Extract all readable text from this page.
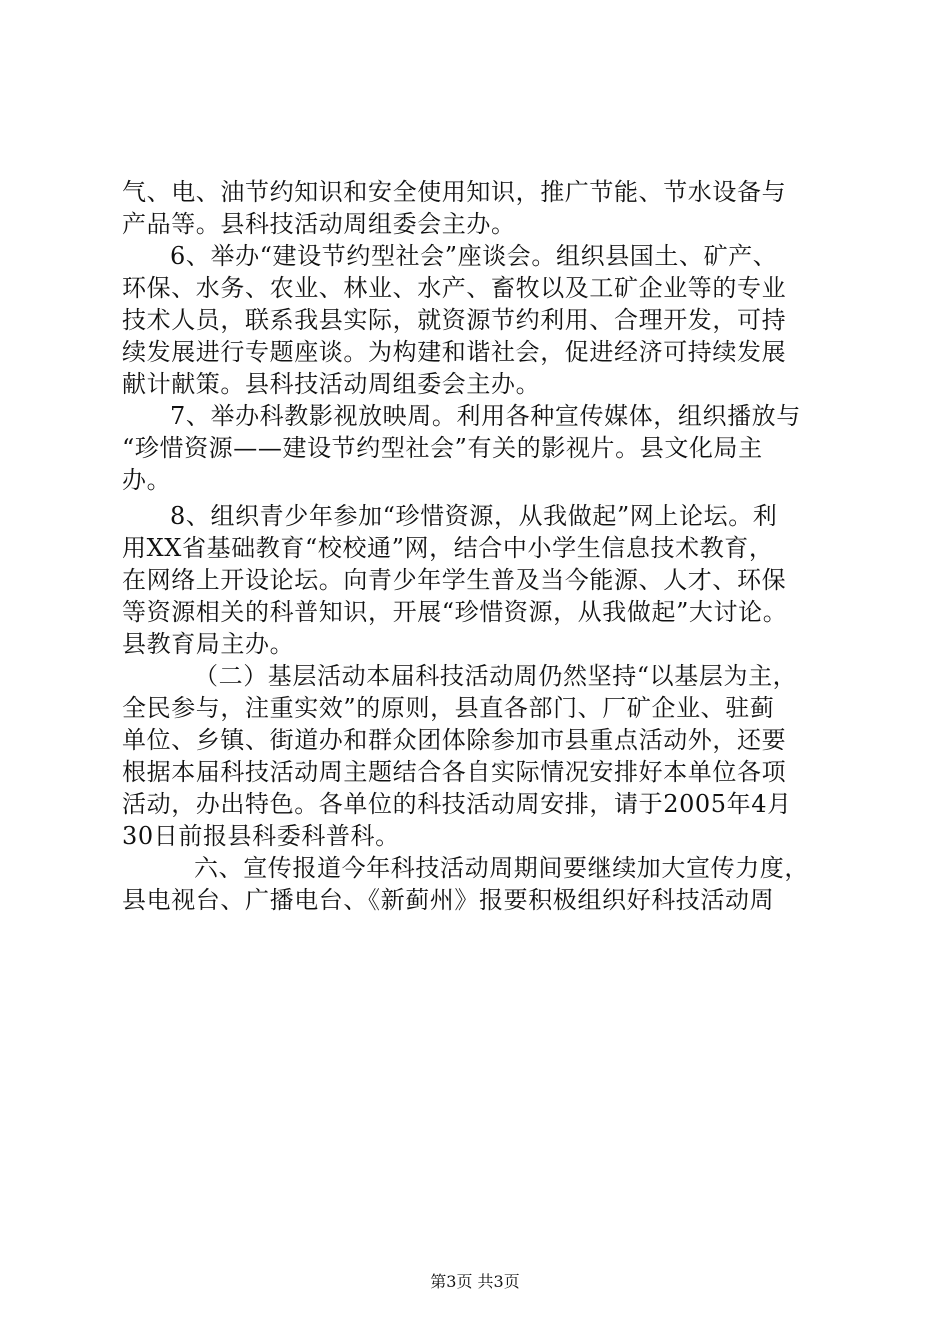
气、电、油节约知识和安全使用知识，推广节能、节水设备与
产品等。县科技活动周组委会主办。
6、举办“建设节约型社会”座谈会。组织县国土、矿产、
环保、水务、农业、林业、水产、畜牧以及工矿企业等的专业
技术人员，联系我县实际，就资源节约利用、合理开发，可持
续发展进行专题座谈。为构建和谐社会，促进经济可持续发展
献计献策。县科技活动周组委会主办。
7、举办科教影视放映周。利用各种宣传媒体，组织播放与
“珍惜资源——建设节约型社会”有关的影视片。县文化局主
办。
8、组织青少年参加“珍惜资源，从我做起”网上论坛。利
用XX省基础教育“校校通”网，结合中小学生信息技术教育，
在网络上开设论坛。向青少年学生普及当今能源、人才、环保
等资源相关的科普知识，开展“珍惜资源，从我做起”大讨论。
县教育局主办。
（二）基层活动本届科技活动周仍然坚持“以基层为主，
全民参与，注重实效”的原则，县直各部门、厂矿企业、驻蓟
单位、乡镇、街道办和群众团体除参加市县重点活动外，还要
根据本届科技活动周主题结合各自实际情况安排好本单位各项
活动，办出特色。各单位的科技活动周安排，请于2005年4月
30日前报县科委科普科。
六、宣传报道今年科技活动周期间要继续加大宣传力度，
县电视台、广播电台、《新蓟州》报要积极组织好科技活动周
第3页 共3页
